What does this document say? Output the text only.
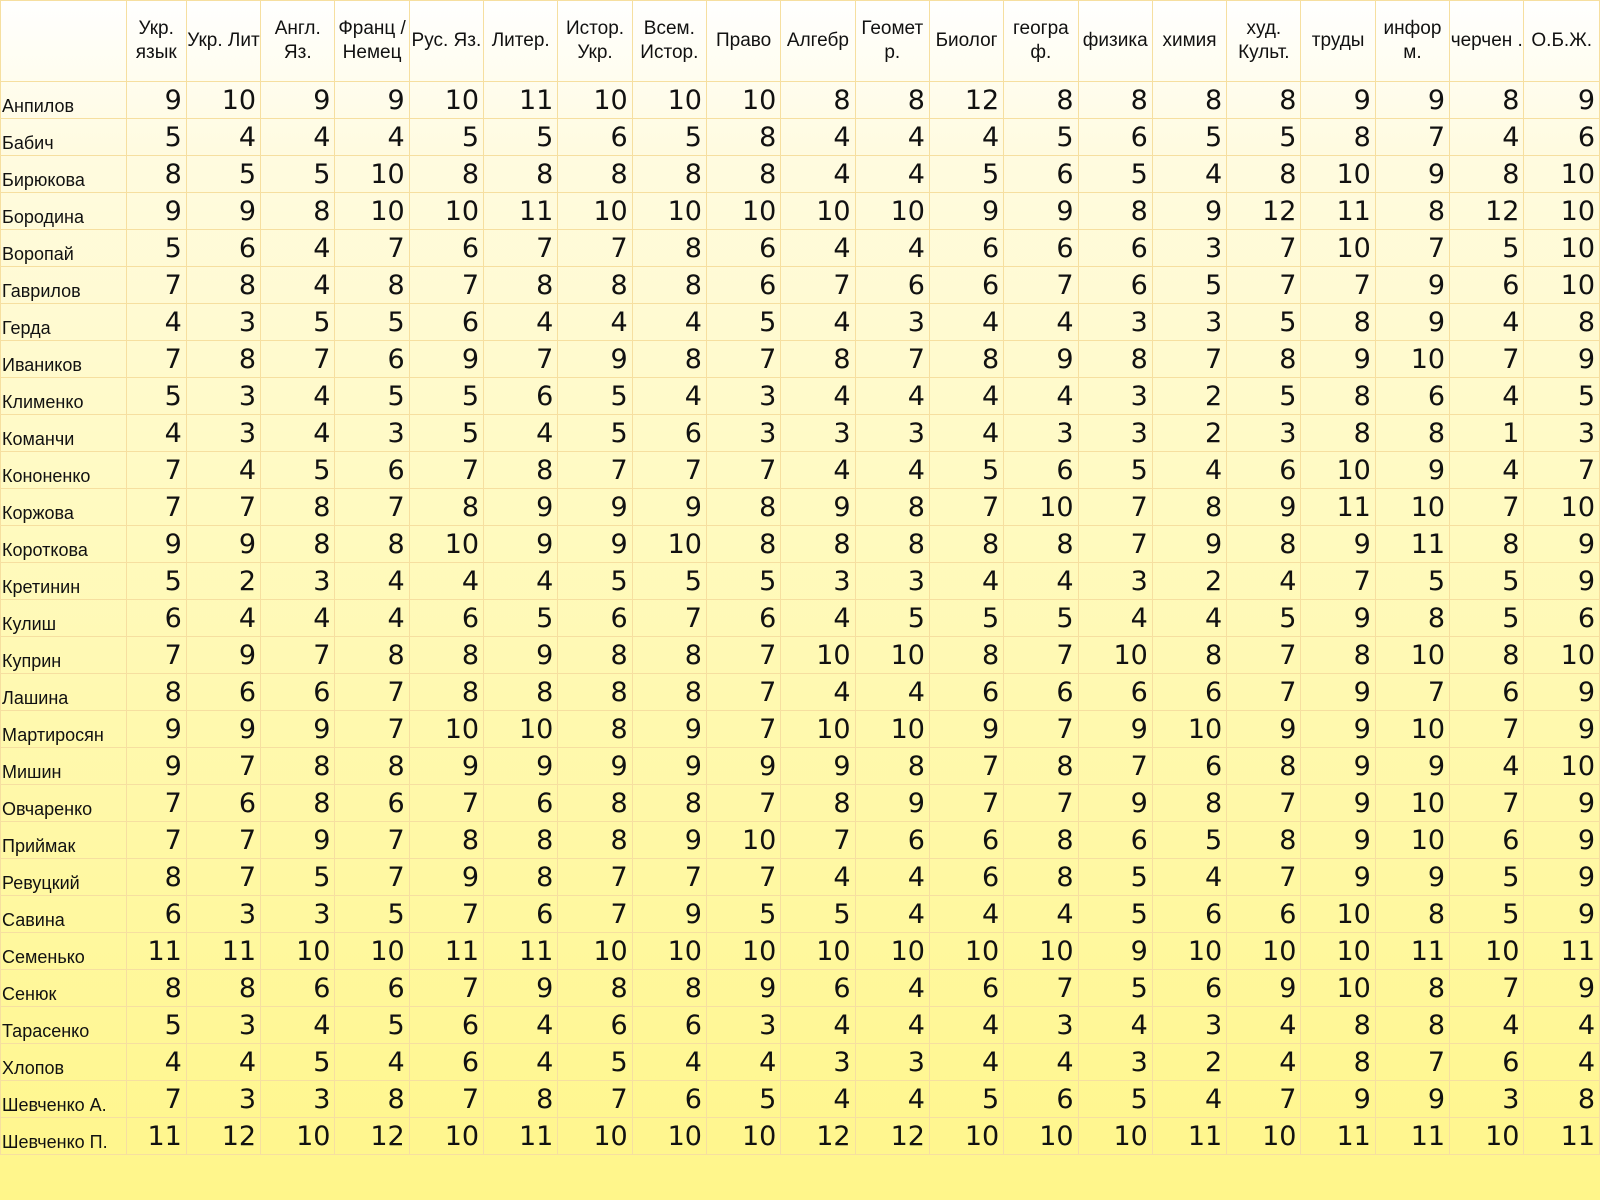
	Укр. язык	Укр. Лит	Англ. Яз.	Франц / Немец	Рус. Яз.	Литер.	Истор. Укр.	Всем. Истор.	Право	Алгебр	Геомет р.	Биолог	геогра ф.	физика	химия	худ. Культ.	труды	инфор м.	черчен .	О.Б.Ж.
Анпилов	9	10	9	9	10	11	10	10	10	8	8	12	8	8	8	8	9	9	8	9
Бабич	5	4	4	4	5	5	6	5	8	4	4	4	5	6	5	5	8	7	4	6
Бирюкова	8	5	5	10	8	8	8	8	8	4	4	5	6	5	4	8	10	9	8	10
Бородина	9	9	8	10	10	11	10	10	10	10	10	9	9	8	9	12	11	8	12	10
Воропай	5	6	4	7	6	7	7	8	6	4	4	6	6	6	3	7	10	7	5	10
Гаврилов	7	8	4	8	7	8	8	8	6	7	6	6	7	6	5	7	7	9	6	10
Герда	4	3	5	5	6	4	4	4	5	4	3	4	4	3	3	5	8	9	4	8
Иваников	7	8	7	6	9	7	9	8	7	8	7	8	9	8	7	8	9	10	7	9
Клименко	5	3	4	5	5	6	5	4	3	4	4	4	4	3	2	5	8	6	4	5
Команчи	4	3	4	3	5	4	5	6	3	3	3	4	3	3	2	3	8	8	1	3
Кононенко	7	4	5	6	7	8	7	7	7	4	4	5	6	5	4	6	10	9	4	7
Коржова	7	7	8	7	8	9	9	9	8	9	8	7	10	7	8	9	11	10	7	10
Короткова	9	9	8	8	10	9	9	10	8	8	8	8	8	7	9	8	9	11	8	9
Кретинин	5	2	3	4	4	4	5	5	5	3	3	4	4	3	2	4	7	5	5	9
Кулиш	6	4	4	4	6	5	6	7	6	4	5	5	5	4	4	5	9	8	5	6
Куприн	7	9	7	8	8	9	8	8	7	10	10	8	7	10	8	7	8	10	8	10
Лашина	8	6	6	7	8	8	8	8	7	4	4	6	6	6	6	7	9	7	6	9
Мартиросян	9	9	9	7	10	10	8	9	7	10	10	9	7	9	10	9	9	10	7	9
Мишин	9	7	8	8	9	9	9	9	9	9	8	7	8	7	6	8	9	9	4	10
Овчаренко	7	6	8	6	7	6	8	8	7	8	9	7	7	9	8	7	9	10	7	9
Приймак	7	7	9	7	8	8	8	9	10	7	6	6	8	6	5	8	9	10	6	9
Ревуцкий	8	7	5	7	9	8	7	7	7	4	4	6	8	5	4	7	9	9	5	9
Савина	6	3	3	5	7	6	7	9	5	5	4	4	4	5	6	6	10	8	5	9
Семенько	11	11	10	10	11	11	10	10	10	10	10	10	10	9	10	10	10	11	10	11
Сенюк	8	8	6	6	7	9	8	8	9	6	4	6	7	5	6	9	10	8	7	9
Тарасенко	5	3	4	5	6	4	6	6	3	4	4	4	3	4	3	4	8	8	4	4
Хлопов	4	4	5	4	6	4	5	4	4	3	3	4	4	3	2	4	8	7	6	4
Шевченко А.	7	3	3	8	7	8	7	6	5	4	4	5	6	5	4	7	9	9	3	8
Шевченко П.	11	12	10	12	10	11	10	10	10	12	12	10	10	10	11	10	11	11	10	11
